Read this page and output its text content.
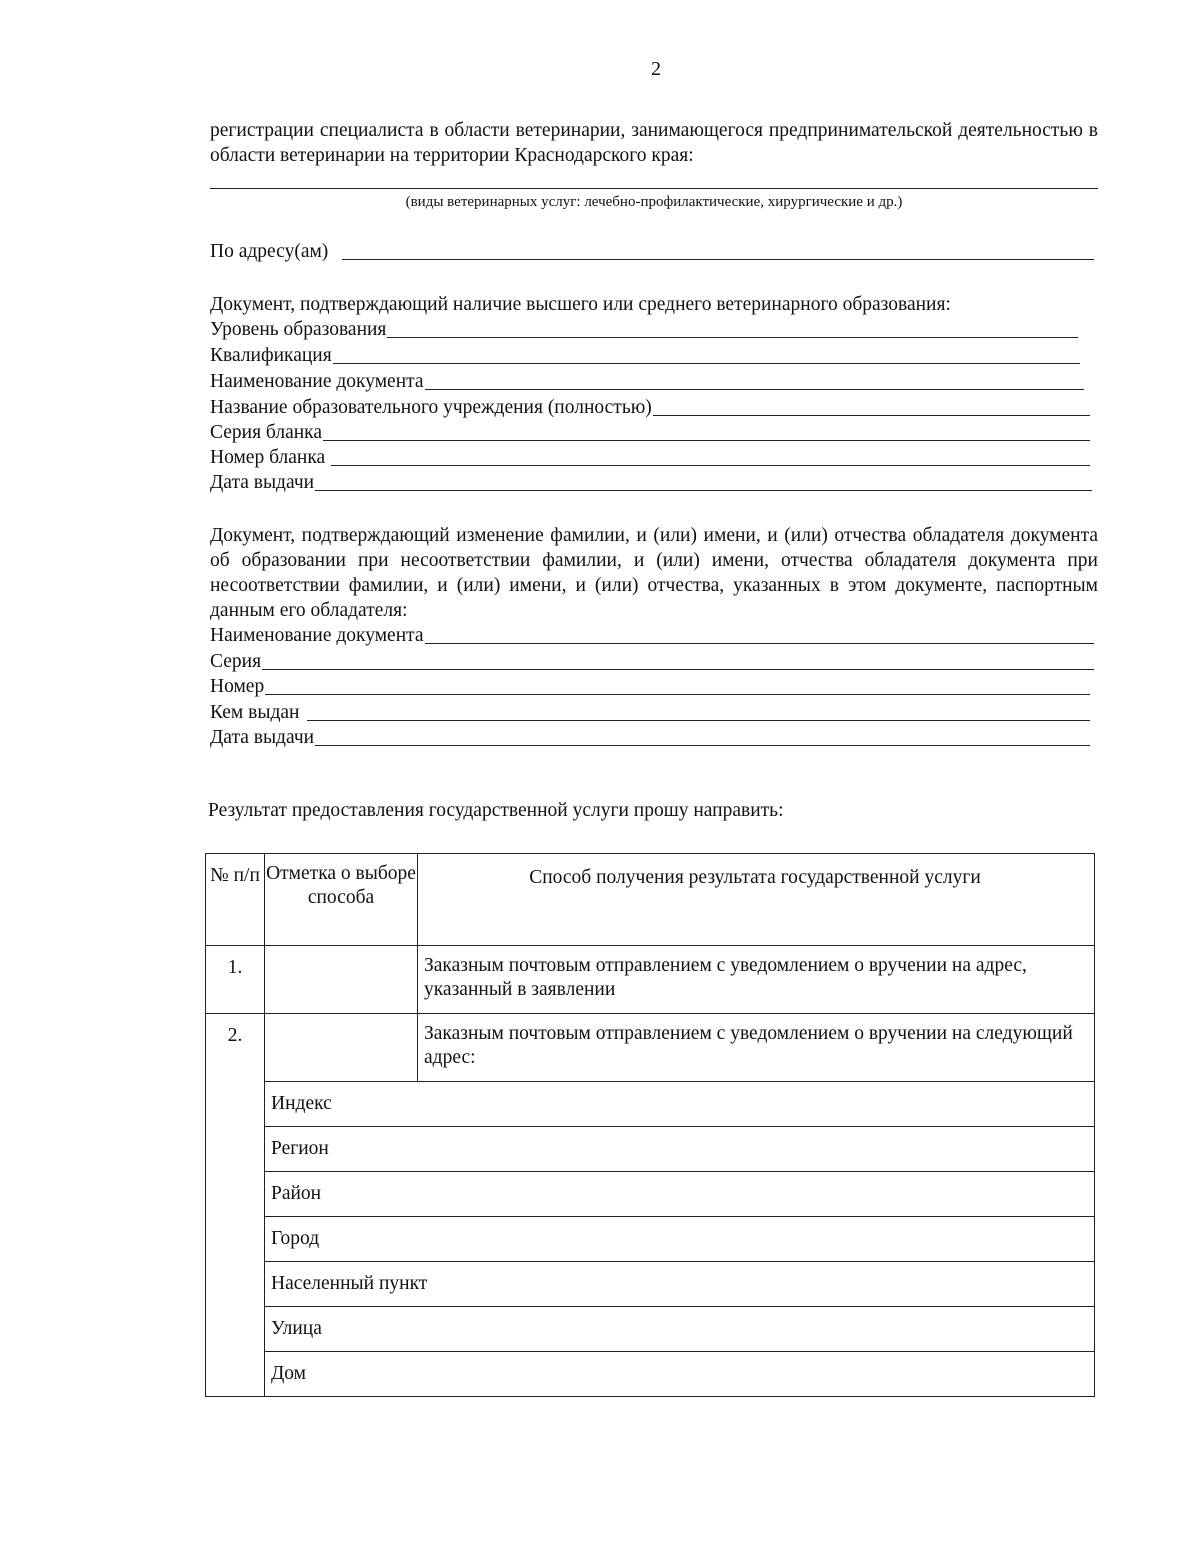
2
регистрации специалиста в области ветеринарии, занимающегося предпринимательской деятельностью в области ветеринарии на территории Краснодарского края:
(виды ветеринарных услуг: лечебно-профилактические, хирургические и др.)
По адресу(ам)
Документ, подтверждающий наличие высшего или среднего ветеринарного образования:
Уровень образования
Квалификация
Наименование документа
Название образовательного учреждения (полностью)
Серия бланка
Номер бланка
Дата выдачи
Документ, подтверждающий изменение фамилии, и (или) имени, и (или) отчества обладателя документа об образовании при несоответствии фамилии, и (или) имени, отчества обладателя документа при несоответствии фамилии, и (или) имени, и (или) отчества, указанных в этом документе, паспортным данным его обладателя:
Наименование документа
Серия
Номер
Кем выдан
Дата выдачи
Результат предоставления государственной услуги прошу направить:
№ п/п	Отметка о выборе способа	Способ получения результата государственной услуги
1.		Заказным почтовым отправлением с уведомлением о вручении на адрес, указанный в заявлении
2.		Заказным почтовым отправлением с уведомлением о вручении на следующий адрес:
	Индекс	
	Регион	
	Район	
	Город	
	Населенный пункт	
	Улица	
	Дом	
